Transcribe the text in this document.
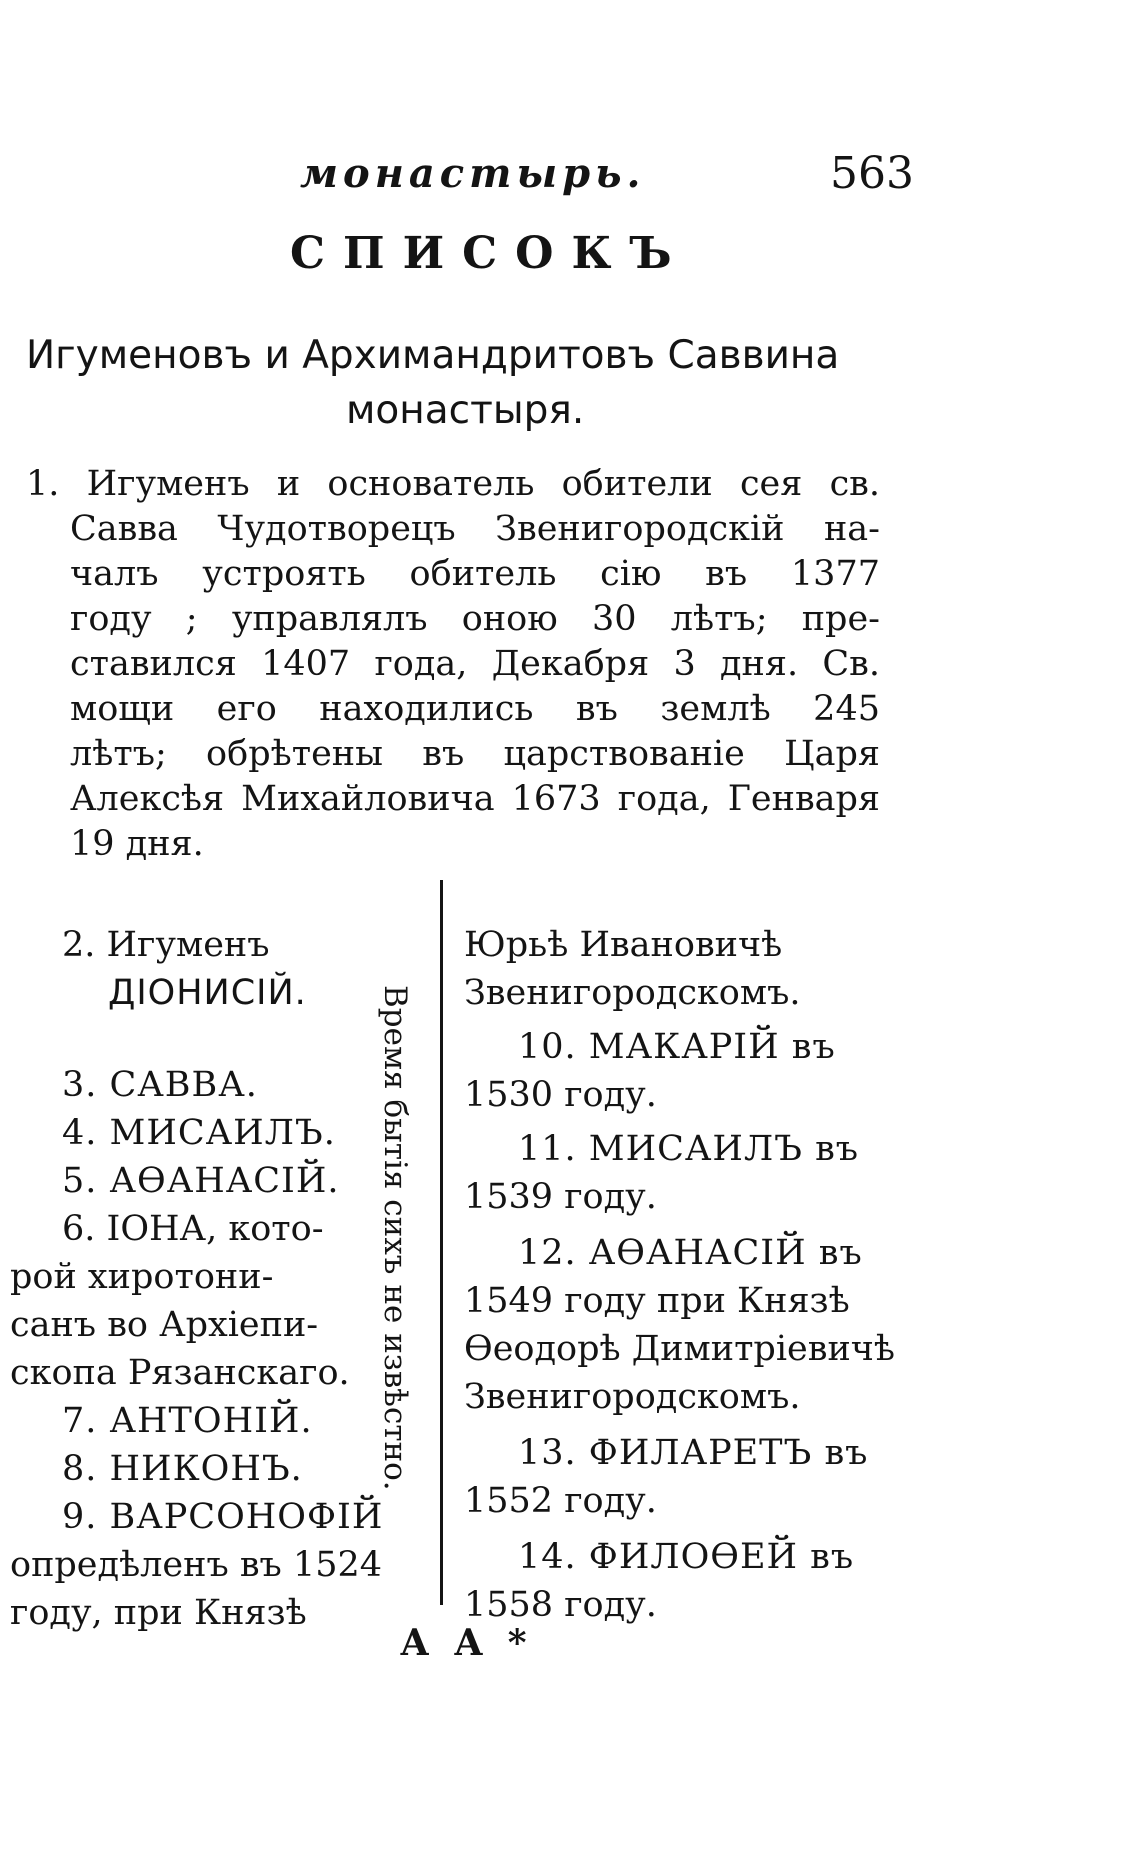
монастырь.	563
СПИСОКЪ
Игуменовъ и Архимандритовъ Саввина
монастыря.
1. Игуменъ и основатель обители сея св.
Савва Чудотворецъ Звенигородскій на-
чалъ устроять обитель сію въ 1377
году ; управлялъ оною 30 лѣтъ; пре-
ставился 1407 года, Декабря 3 дня. Св.
мощи его находились въ землѣ 245
лѣтъ; обрѣтены въ царствованіе Царя
Алексѣя Михайловича 1673 года, Генваря
19 дня.
2. Игуменъ
ДІОНИСІЙ.
3. САВВА.
4. МИСАИЛЪ.
5. АѲАНАСІЙ.
6. ІОНА, кото-
рой хиротони-
санъ во Архіепи-
скопа Рязанскаго.
7. АНТОНІЙ.
8. НИКОНЪ.
9. ВАРСОНОФІЙ
опредѣленъ въ 1524
году, при Князѣ
Время бытія сихъ не извѣстно.
Юрьѣ Ивановичѣ
Звенигородскомъ.
10. МАКАРІЙ въ
1530 году.
11. МИСАИЛЪ въ
1539 году.
12. АѲАНАСІЙ въ
1549 году при Князѣ
Ѳеодорѣ Димитріевичѣ
Звенигородскомъ.
13. ФИЛАРЕТЪ въ
1552 году.
14. ФИЛОѲЕЙ въ
1558 году.
А А *
